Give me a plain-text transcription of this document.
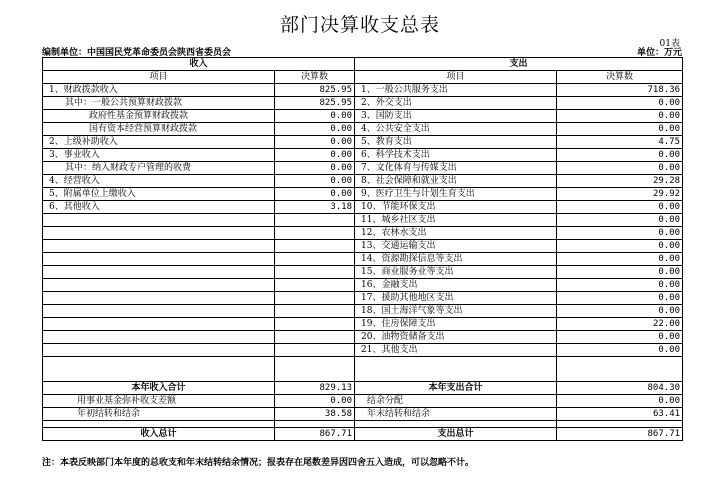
部门决算收支总表
01表
编制单位：中国国民党革命委员会陕西省委员会	单位：万元
收入		支出	
项目	决算数	项目	决算数
1、财政拨款收入	825.95	1、一般公共服务支出	718.36
其中：一般公共预算财政拨款	825.95	2、外交支出	0.00
政府性基金预算财政拨款	0.00	3、国防支出	0.00
国有资本经营预算财政拨款	0.00	4、公共安全支出	0.00
2、上级补助收入	0.00	5、教育支出	4.75
3、事业收入	0.00	6、科学技术支出	0.00
其中：纳入财政专户管理的收费	0.00	7、文化体育与传媒支出	0.00
4、经营收入	0.00	8、社会保障和就业支出	29.28
5、附属单位上缴收入	0.00	9、医疗卫生与计划生育支出	29.92
6、其他收入	3.18	10、节能环保支出	0.00
		11、城乡社区支出	0.00
		12、农林水支出	0.00
		13、交通运输支出	0.00
		14、资源勘探信息等支出	0.00
		15、商业服务业等支出	0.00
		16、金融支出	0.00
		17、援助其他地区支出	0.00
		18、国土海洋气象等支出	0.00
		19、住房保障支出	22.00
		20、油物资储备支出	0.00
		21、其他支出	0.00

本年收入合计	829.13	本年支出合计	804.30
用事业基金弥补收支差额	0.00	结余分配	0.00
年初结转和结余	38.58	年末结转和结余	63.41

收入总计	867.71	支出总计	867.71
注：本表反映部门本年度的总收支和年末结转结余情况；报表存在尾数差异因四舍五入造成，可以忽略不计。
